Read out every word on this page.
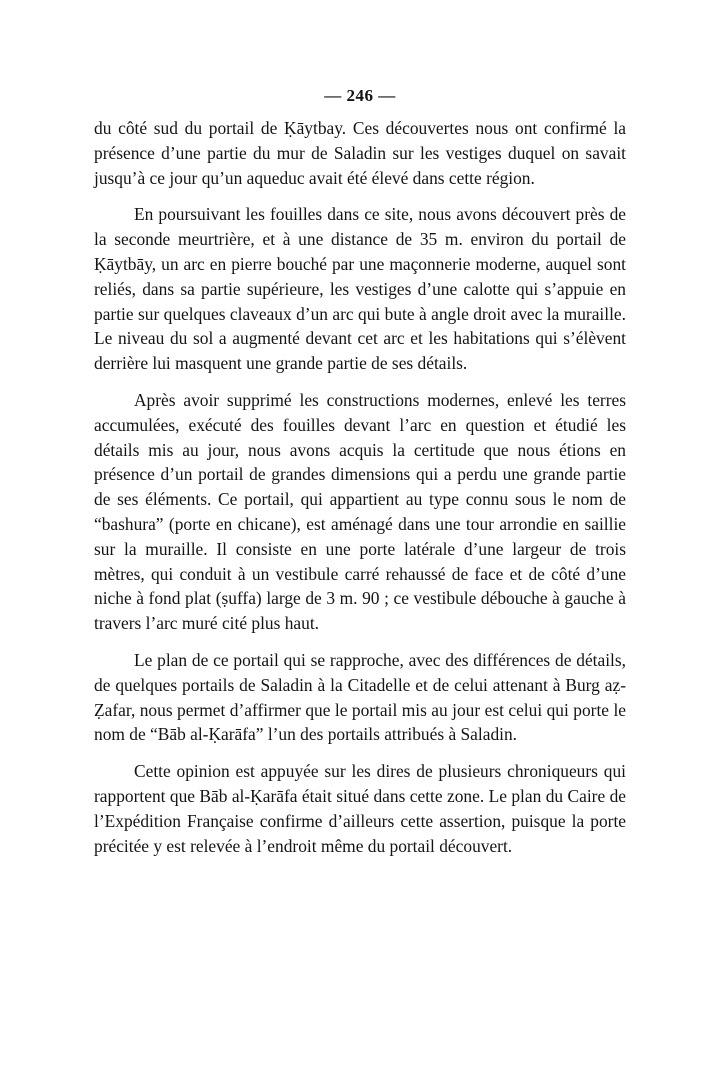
— 246 —

du côté sud du portail de Ḳāytbay. Ces découvertes nous ont confirmé la présence d’une partie du mur de Saladin sur les vestiges duquel on savait jusqu’à ce jour qu’un aqueduc avait été élevé dans cette région.

En poursuivant les fouilles dans ce site, nous avons découvert près de la seconde meurtrière, et à une distance de 35 m. environ du portail de Ḳāytbāy, un arc en pierre bouché par une maçonnerie moderne, auquel sont reliés, dans sa partie supérieure, les vestiges d’une calotte qui s’appuie en partie sur quelques claveaux d’un arc qui bute à angle droit avec la muraille. Le niveau du sol a augmenté devant cet arc et les habitations qui s’élèvent derrière lui masquent une grande partie de ses détails.

Après avoir supprimé les constructions modernes, enlevé les terres accumulées, exécuté des fouilles devant l’arc en question et étudié les détails mis au jour, nous avons acquis la certitude que nous étions en présence d’un portail de grandes dimensions qui a perdu une grande partie de ses éléments. Ce portail, qui appartient au type connu sous le nom de “bashura” (porte en chicane), est aménagé dans une tour arrondie en saillie sur la muraille. Il consiste en une porte latérale d’une largeur de trois mètres, qui conduit à un vestibule carré rehaussé de face et de côté d’une niche à fond plat (ṣuffa) large de 3 m. 90 ; ce vestibule débouche à gauche à travers l’arc muré cité plus haut.

Le plan de ce portail qui se rapproche, avec des différences de détails, de quelques portails de Saladin à la Citadelle et de celui attenant à Burg aẓ-Ẓafar, nous permet d’affirmer que le portail mis au jour est celui qui porte le nom de “Bāb al-Ḳarāfa” l’un des portails attribués à Saladin.

Cette opinion est appuyée sur les dires de plusieurs chroniqueurs qui rapportent que Bāb al-Ḳarāfa était situé dans cette zone. Le plan du Caire de l’Expédition Française confirme d’ailleurs cette assertion, puisque la porte précitée y est relevée à l’endroit même du portail découvert.
